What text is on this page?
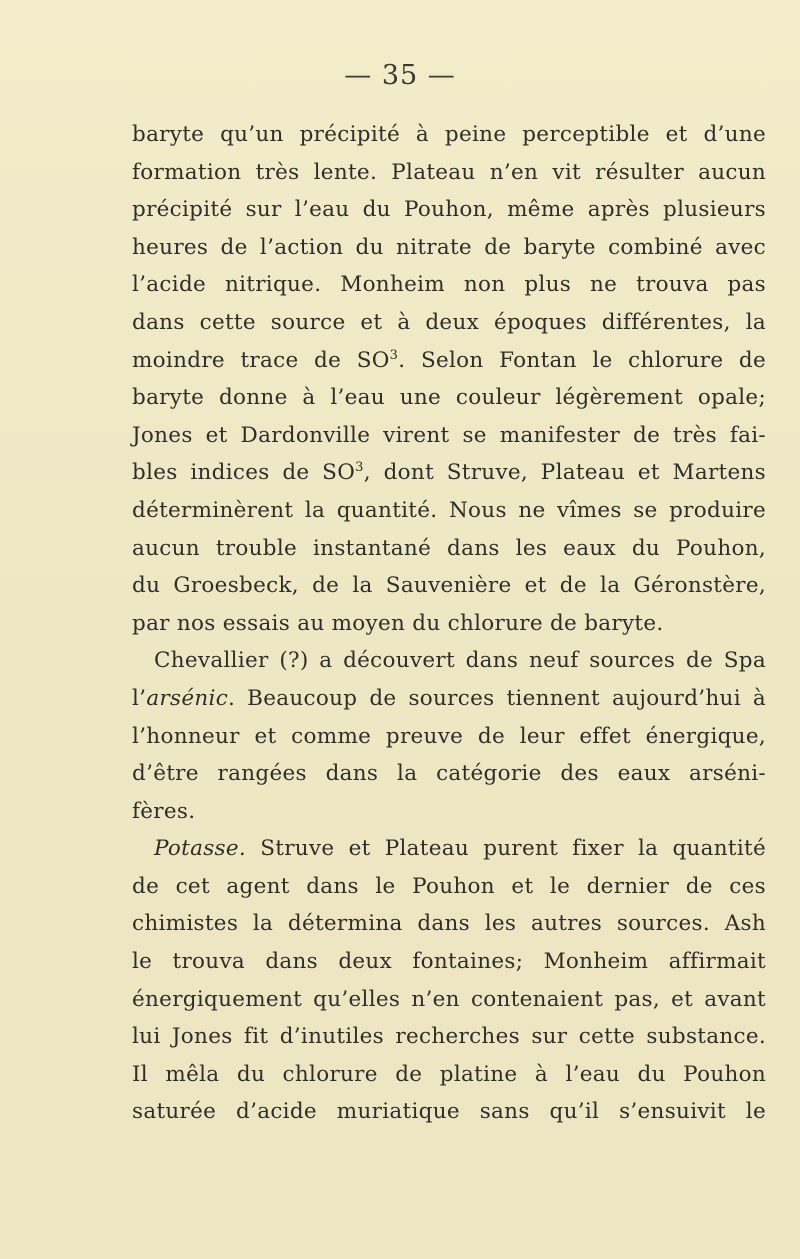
— 35 —
baryte qu’un précipité à peine perceptible et d’une
formation très lente. Plateau n’en vit résulter aucun
précipité sur l’eau du Pouhon, même après plusieurs
heures de l’action du nitrate de baryte combiné avec
l’acide nitrique. Monheim non plus ne trouva pas
dans cette source et à deux époques différentes, la
moindre trace de $SO^3$. Selon Fontan le chlorure de
baryte donne à l’eau une couleur légèrement opale;
Jones et Dardonville virent se manifester de très fai-
bles indices de $SO^3$, dont Struve, Plateau et Martens
déterminèrent la quantité. Nous ne vîmes se produire
aucun trouble instantané dans les eaux du Pouhon,
du Groesbeck, de la Sauvenière et de la Géronstère,
par nos essais au moyen du chlorure de baryte.
Chevallier (?) a découvert dans neuf sources de Spa
l’arsénic. Beaucoup de sources tiennent aujourd’hui à
l’honneur et comme preuve de leur effet énergique,
d’être rangées dans la catégorie des eaux arséni-
fères.
Potasse. Struve et Plateau purent fixer la quantité
de cet agent dans le Pouhon et le dernier de ces
chimistes la détermina dans les autres sources. Ash
le trouva dans deux fontaines; Monheim affirmait
énergiquement qu’elles n’en contenaient pas, et avant
lui Jones fit d’inutiles recherches sur cette substance.
Il mêla du chlorure de platine à l’eau du Pouhon
saturée d’acide muriatique sans qu’il s’ensuivit le
